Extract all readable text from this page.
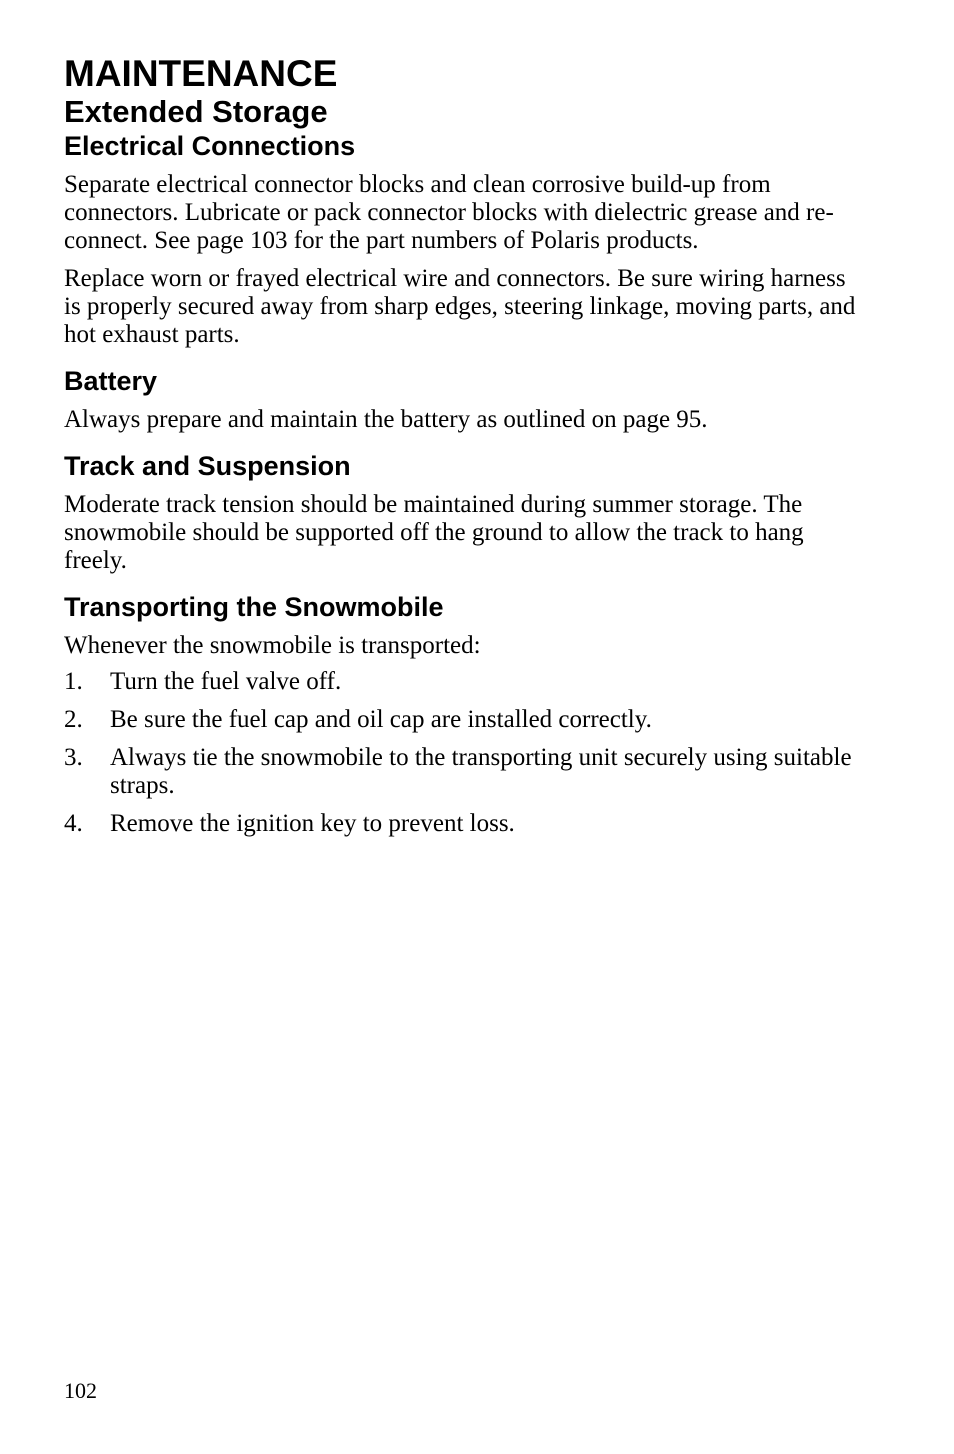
MAINTENANCE
Extended Storage
Electrical Connections

Separate electrical connector blocks and clean corrosive build-up from connectors. Lubricate or pack connector blocks with dielectric grease and re-connect. See page 103 for the part numbers of Polaris products.

Replace worn or frayed electrical wire and connectors. Be sure wiring harness is properly secured away from sharp edges, steering linkage, moving parts, and hot exhaust parts.

Battery

Always prepare and maintain the battery as outlined on page 95.

Track and Suspension

Moderate track tension should be maintained during summer storage. The snowmobile should be supported off the ground to allow the track to hang freely.

Transporting the Snowmobile

Whenever the snowmobile is transported:

1.	Turn the fuel valve off.
2.	Be sure the fuel cap and oil cap are installed correctly.
3.	Always tie the snowmobile to the transporting unit securely using suitable straps.
4.	Remove the ignition key to prevent loss.

102
